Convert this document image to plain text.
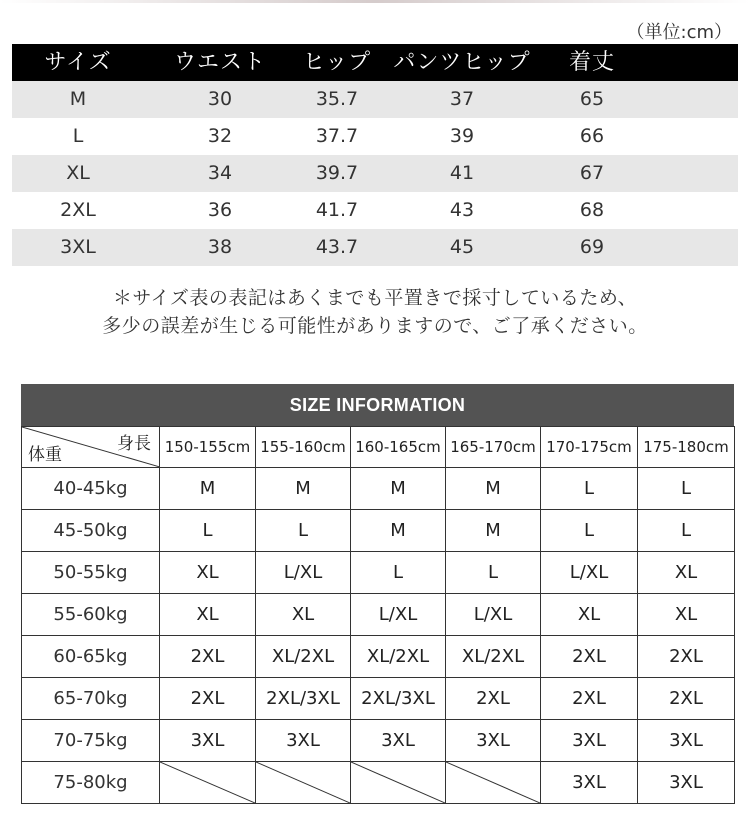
（単位:cm）
サイズ	ウエスト	ヒップ	パンツヒップ	着丈
M	30	35.7	37	65
L	32	37.7	39	66
XL	34	39.7	41	67
2XL	36	41.7	43	68
3XL	38	43.7	45	69
＊サイズ表の表記はあくまでも平置きで採寸しているため、
多少の誤差が生じる可能性がありますので、ご了承ください。
SIZE INFORMATION
身長
体重	150-155cm	155-160cm	160-165cm	165-170cm	170-175cm	175-180cm
40-45kg	M	M	M	M	L	L
45-50kg	L	L	M	M	L	L
50-55kg	XL	L/XL	L	L	L/XL	XL
55-60kg	XL	XL	L/XL	L/XL	XL	XL
60-65kg	2XL	XL/2XL	XL/2XL	XL/2XL	2XL	2XL
65-70kg	2XL	2XL/3XL	2XL/3XL	2XL	2XL	2XL
70-75kg	3XL	3XL	3XL	3XL	3XL	3XL
75-80kg					3XL	3XL
